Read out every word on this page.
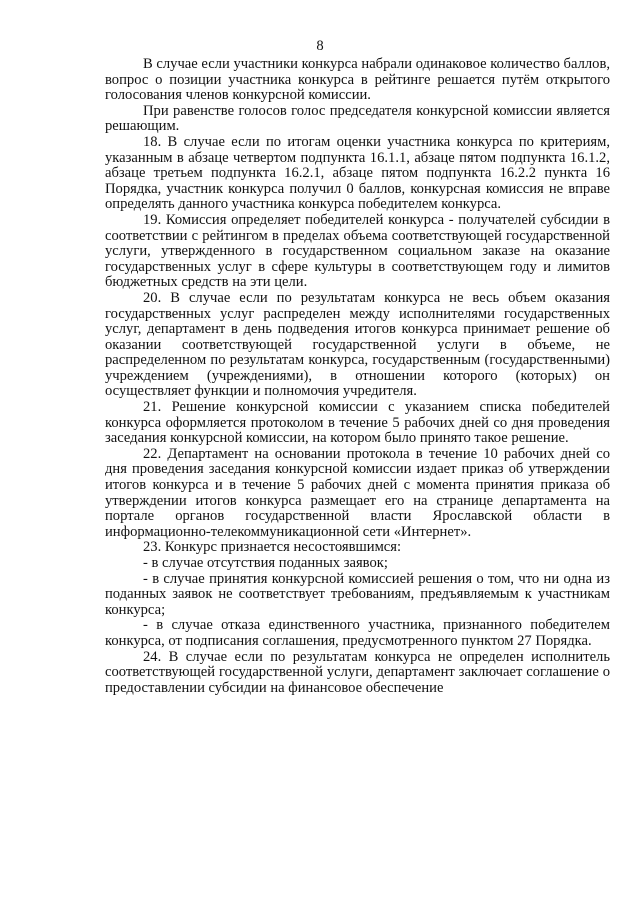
8

В случае если участники конкурса набрали одинаковое количество баллов, вопрос о позиции участника конкурса в рейтинге решается путём открытого голосования членов конкурсной комиссии.

При равенстве голосов голос председателя конкурсной комиссии является решающим.

18. В случае если по итогам оценки участника конкурса по критериям, указанным в абзаце четвертом подпункта 16.1.1, абзаце пятом подпункта 16.1.2, абзаце третьем подпункта 16.2.1, абзаце пятом подпункта 16.2.2 пункта 16 Порядка, участник конкурса получил 0 баллов, конкурсная комиссия не вправе определять данного участника конкурса победителем конкурса.

19. Комиссия определяет победителей конкурса - получателей субсидии в соответствии с рейтингом в пределах объема соответствующей государственной услуги, утвержденного в государственном социальном заказе на оказание государственных услуг в сфере культуры в соответствующем году и лимитов бюджетных средств на эти цели.

20. В случае если по результатам конкурса не весь объем оказания государственных услуг распределен между исполнителями государственных услуг, департамент в день подведения итогов конкурса принимает решение об оказании соответствующей государственной услуги в объеме, не распределенном по результатам конкурса, государственным (государственными) учреждением (учреждениями), в отношении которого (которых) он осуществляет функции и полномочия учредителя.

21. Решение конкурсной комиссии с указанием списка победителей конкурса оформляется протоколом в течение 5 рабочих дней со дня проведения заседания конкурсной комиссии, на котором было принято такое решение.

22. Департамент на основании протокола в течение 10 рабочих дней со дня проведения заседания конкурсной комиссии издает приказ об утверждении итогов конкурса и в течение 5 рабочих дней с момента принятия приказа об утверждении итогов конкурса размещает его на странице департамента на портале органов государственной власти Ярославской области в информационно-телекоммуникационной сети «Интернет».

23. Конкурс признается несостоявшимся:

- в случае отсутствия поданных заявок;

- в случае принятия конкурсной комиссией решения о том, что ни одна из поданных заявок не соответствует требованиям, предъявляемым к участникам конкурса;

- в случае отказа единственного участника, признанного победителем конкурса, от подписания соглашения, предусмотренного пунктом 27 Порядка.

24. В случае если по результатам конкурса не определен исполнитель соответствующей государственной услуги, департамент заключает соглашение о предоставлении субсидии на финансовое обеспечение
